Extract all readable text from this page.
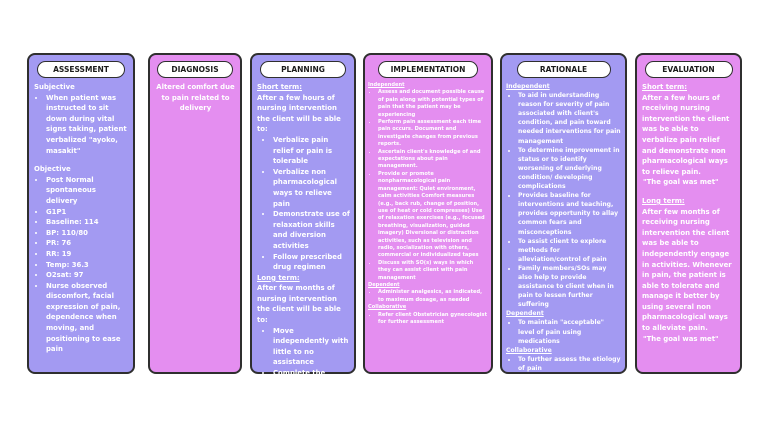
ASSESSMENT
Subjective
• When patient was instructed to sit down during vital signs taking, patient verbalized "ayoko, masakit"
Objective
• Post Normal spontaneous delivery
• G1P1
• Baseline: 114
• BP: 110/80
• PR: 76
• RR: 19
• Temp: 36.3
• O2sat: 97
• Nurse observed discomfort, facial expression of pain, dependence when moving, and positioning to ease pain
DIAGNOSIS
Altered comfort due to pain related to delivery
PLANNING
Short term:
After a few hours of nursing intervention the client will be able to:
• Verbalize pain relief or pain is tolerable
• Verbalize non pharmacological ways to relieve pain
• Demonstrate use of relaxation skills and diversion activities
• Follow prescribed drug regimen
Long term:
After few months of nursing intervention the client will be able to:
• Move independently with little to no assistance
• Complete the pharmacological regimen prescribed
• Use non pharmacological ways whenever in pain
IMPLEMENTATION
Independent
• Assess and document possible cause of pain along with potential types of pain that the patient may be experiencing
• Perform pain assessment each time pain occurs. Document and investigate changes from previous reports.
• Ascertain client's knowledge of and expectations about pain management.
• Provide or promote nonpharmacological pain management: Quiet environment, calm activities Comfort measures (e.g., back rub, change of position, use of heat or cold compresses) Use of relaxation exercises (e.g., focused breathing, visualization, guided imagery) Diversional or distraction activities, such as television and radio, socialization with others, commercial or individualized tapes
• Discuss with SO(s) ways in which they can assist client with pain management
Dependent
• Administer analgesics, as indicated, to maximum dosage, as needed
Collaborative
• Refer client Obstetrician gynecologist for further assessment
RATIONALE
Independent
• To aid in understanding reason for severity of pain associated with client's condition, and pain toward needed interventions for pain management
• To determine improvement in status or to identify worsening of underlying condition/ developing complications
• Provides baseline for interventions and teaching, provides opportunity to allay common fears and misconceptions
• To assist client to explore methods for alleviation/control of pain
• Family members/SOs may also help to provide assistance to client when in pain to lessen further suffering
Dependent
• To maintain "acceptable" level of pain using medications
Collaborative
• To further assess the etiology of pain
EVALUATION
Short term:
After a few hours of receiving nursing intervention the client was be able to verbalize pain relief and demonstrate non pharmacological ways to relieve pain.
"The goal was met"
Long term:
After few months of receiving nursing intervention the client was be able to independently engage in activities. Whenever in pain, the patient is able to tolerate and manage it better by using several non pharmacological ways to alleviate pain.
"The goal was met"
